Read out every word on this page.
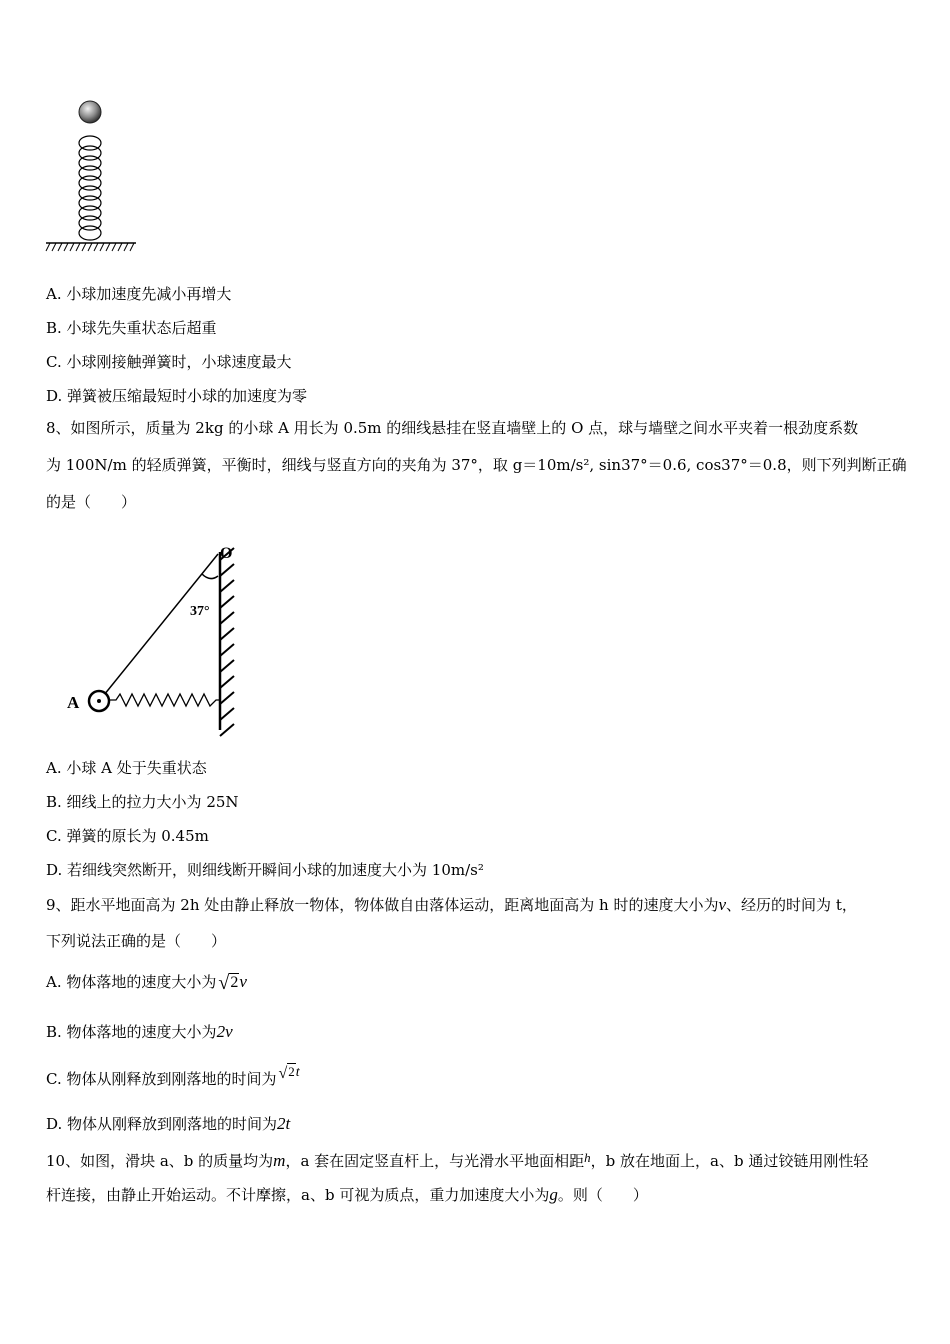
A. 小球加速度先减小再增大
B. 小球先失重状态后超重
C. 小球刚接触弹簧时，小球速度最大
D. 弹簧被压缩最短时小球的加速度为零
8、如图所示，质量为 2kg 的小球 A 用长为 0.5m 的细线悬挂在竖直墙壁上的 O 点，球与墙壁之间水平夹着一根劲度系数
为 100N/m 的轻质弹簧，平衡时，细线与竖直方向的夹角为 37°，取 g＝10m/s², sin37°＝0.6, cos37°＝0.8，则下列判断正确
的是（　　）
O
37°
A
A. 小球 A 处于失重状态
B. 细线上的拉力大小为 25N
C. 弹簧的原长为 0.45m
D. 若细线突然断开，则细线断开瞬间小球的加速度大小为 10m/s²
9、距水平地面高为 2h 处由静止释放一物体，物体做自由落体运动，距离地面高为 h 时的速度大小为v、经历的时间为 t，
下列说法正确的是（　　）
A. 物体落地的速度大小为 √2v
B. 物体落地的速度大小为2v
C. 物体从刚释放到刚落地的时间为 √2t
D. 物体从刚释放到刚落地的时间为2t
10、如图，滑块 a、b 的质量均为m，a 套在固定竖直杆上，与光滑水平地面相距h，b 放在地面上，a、b 通过铰链用刚性轻
杆连接，由静止开始运动。不计摩擦，a、b 可视为质点，重力加速度大小为g。则（　　）
